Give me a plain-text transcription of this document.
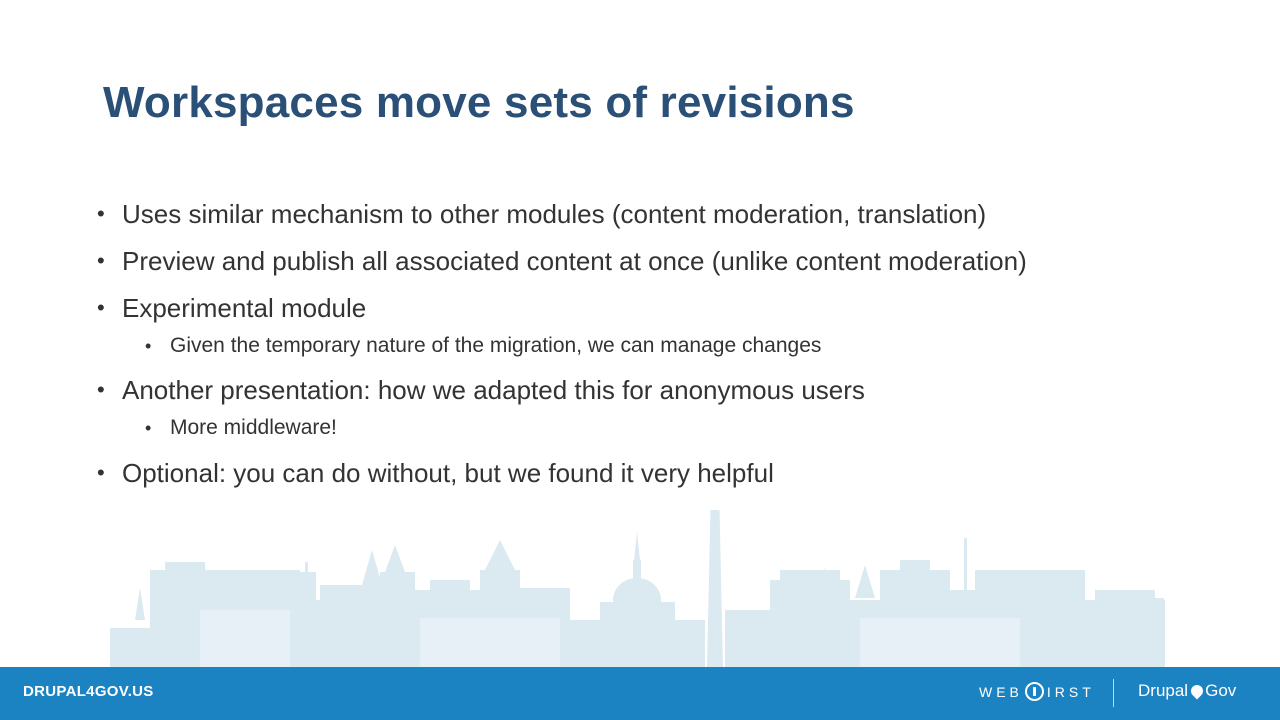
Workspaces move sets of revisions
• Uses similar mechanism to other modules (content moderation, translation)
• Preview and publish all associated content at once (unlike content moderation)
• Experimental module
• Given the temporary nature of the migration, we can manage changes
• Another presentation: how we adapted this for anonymous users
• More middleware!
• Optional: you can do without, but we found it very helpful
DRUPAL4GOV.US	WEB IRST	Drupal Gov
